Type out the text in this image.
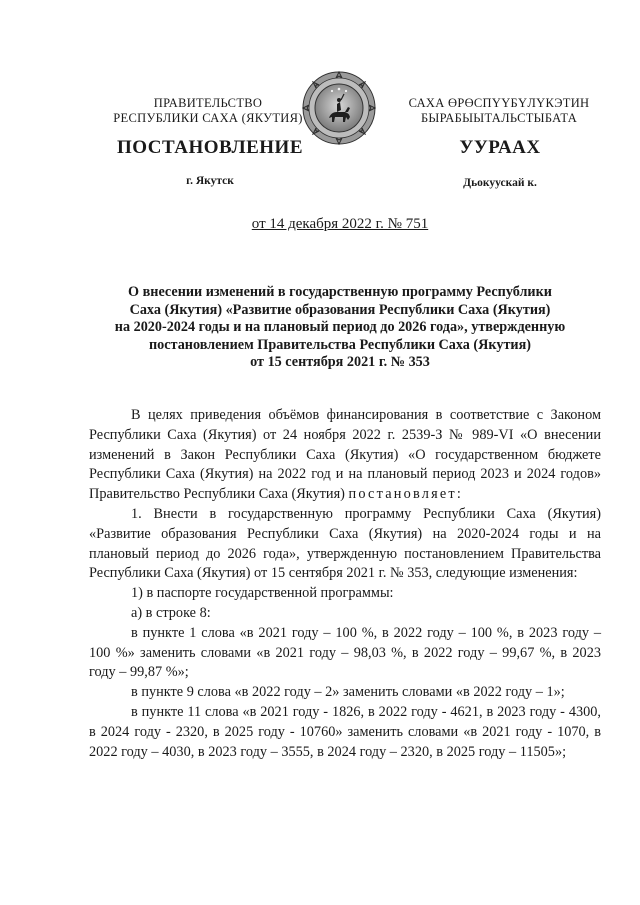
ПРАВИТЕЛЬСТВО
РЕСПУБЛИКИ САХА (ЯКУТИЯ)
САХА ӨРӨСПҮҮБҮЛҮКЭТИН
БЫРАБЫЫТАЛЬСТЫБАТА
ПОСТАНОВЛЕНИЕ	УУРААХ
г. Якутск	Дьокуускай к.
от 14 декабря 2022 г. № 751
О внесении изменений в государственную программу Республики
Саха (Якутия) «Развитие образования Республики Саха (Якутия)
на 2020-2024 годы и на плановый период до 2026 года», утвержденную
постановлением Правительства Республики Саха (Якутия)
от 15 сентября 2021 г. № 353

В целях приведения объёмов финансирования в соответствие с Законом Республики Саха (Якутия) от 24 ноября 2022 г. 2539-З № 989-VI «О внесении изменений в Закон Республики Саха (Якутия) «О государственном бюджете Республики Саха (Якутия) на 2022 год и на плановый период 2023 и 2024 годов» Правительство Республики Саха (Якутия) постановляет:

1. Внести в государственную программу Республики Саха (Якутия) «Развитие образования Республики Саха (Якутия) на 2020-2024 годы и на плановый период до 2026 года», утвержденную постановлением Правительства Республики Саха (Якутия) от 15 сентября 2021 г. № 353, следующие изменения:

1) в паспорте государственной программы:

а) в строке 8:

в пункте 1 слова «в 2021 году – 100 %, в 2022 году – 100 %, в 2023 году – 100 %» заменить словами «в 2021 году – 98,03 %, в 2022 году – 99,67 %, в 2023 году – 99,87 %»;

в пункте 9 слова «в 2022 году – 2» заменить словами «в 2022 году – 1»;

в пункте 11 слова «в 2021 году - 1826, в 2022 году - 4621, в 2023 году - 4300, в 2024 году - 2320, в 2025 году - 10760» заменить словами «в 2021 году - 1070, в 2022 году – 4030, в 2023 году – 3555, в 2024 году – 2320, в 2025 году – 11505»;
